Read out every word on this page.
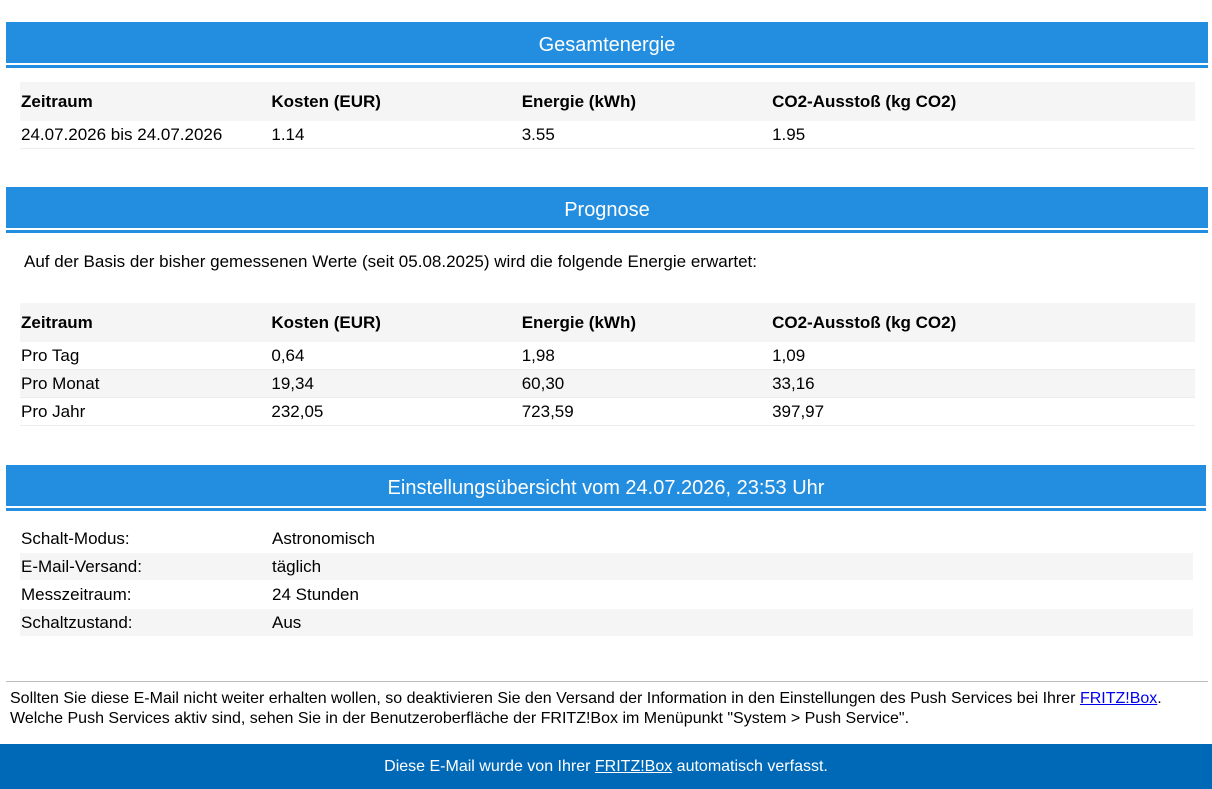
Gesamtenergie
Zeitraum	Kosten (EUR)	Energie (kWh)	CO2-Ausstoß (kg CO2)
24.07.2026 bis 24.07.2026	1.14	3.55	1.95
Prognose
Auf der Basis der bisher gemessenen Werte (seit 05.08.2025) wird die folgende Energie erwartet:
Zeitraum	Kosten (EUR)	Energie (kWh)	CO2-Ausstoß (kg CO2)
Pro Tag	0,64	1,98	1,09
Pro Monat	19,34	60,30	33,16
Pro Jahr	232,05	723,59	397,97
Einstellungsübersicht vom 24.07.2026, 23:53 Uhr
Schalt-Modus:	Astronomisch
E-Mail-Versand:	täglich
Messzeitraum:	24 Stunden
Schaltzustand:	Aus
Sollten Sie diese E-Mail nicht weiter erhalten wollen, so deaktivieren Sie den Versand der Information in den Einstellungen des Push Services bei Ihrer FRITZ!Box.
Welche Push Services aktiv sind, sehen Sie in der Benutzeroberfläche der FRITZ!Box im Menüpunkt "System > Push Service".
Diese E-Mail wurde von Ihrer FRITZ!Box automatisch verfasst.
